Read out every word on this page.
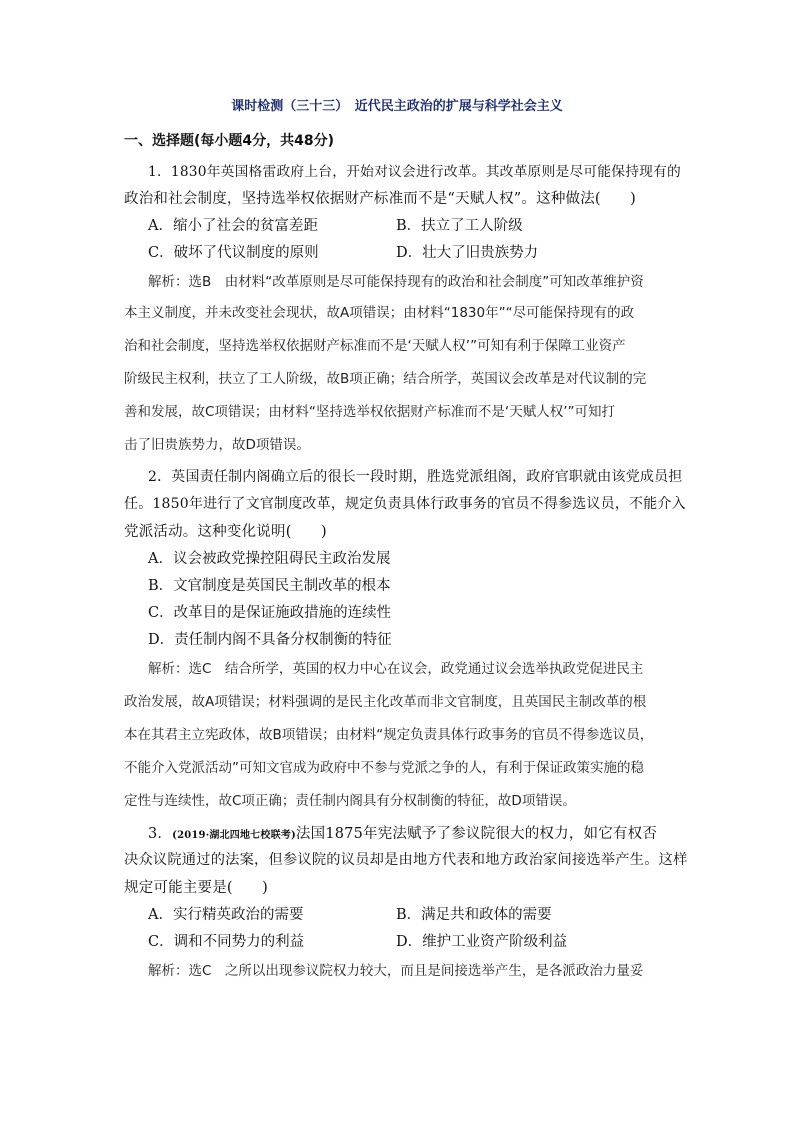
课时检测（三十三）　近代民主政治的扩展与科学社会主义
一、选择题(每小题4分，共48分)
1．1830年英国格雷政府上台，开始对议会进行改革。其改革原则是尽可能保持现有的
政治和社会制度，坚持选举权依据财产标准而不是“天赋人权”。这种做法(　　)
A．缩小了社会的贫富差距	B．扶立了工人阶级
C．破坏了代议制度的原则	D．壮大了旧贵族势力
解析：选B　由材料“改革原则是尽可能保持现有的政治和社会制度”可知改革维护资
本主义制度，并未改变社会现状，故A项错误；由材料“1830年”“尽可能保持现有的政
治和社会制度，坚持选举权依据财产标准而不是‘天赋人权’”可知有利于保障工业资产
阶级民主权利，扶立了工人阶级，故B项正确；结合所学，英国议会改革是对代议制的完
善和发展，故C项错误；由材料“坚持选举权依据财产标准而不是‘天赋人权’”可知打
击了旧贵族势力，故D项错误。
2．英国责任制内阁确立后的很长一段时期，胜选党派组阁，政府官职就由该党成员担
任。1850年进行了文官制度改革，规定负责具体行政事务的官员不得参选议员，不能介入
党派活动。这种变化说明(　　)
A．议会被政党操控阻碍民主政治发展
B．文官制度是英国民主制改革的根本
C．改革目的是保证施政措施的连续性
D．责任制内阁不具备分权制衡的特征
解析：选C　结合所学，英国的权力中心在议会，政党通过议会选举执政党促进民主
政治发展，故A项错误；材料强调的是民主化改革而非文官制度，且英国民主制改革的根
本在其君主立宪政体，故B项错误；由材料“规定负责具体行政事务的官员不得参选议员，
不能介入党派活动”可知文官成为政府中不参与党派之争的人，有利于保证政策实施的稳
定性与连续性，故C项正确；责任制内阁具有分权制衡的特征，故D项错误。
3．(2019·湖北四地七校联考)法国1875年宪法赋予了参议院很大的权力，如它有权否
决众议院通过的法案，但参议院的议员却是由地方代表和地方政治家间接选举产生。这样
规定可能主要是(　　)
A．实行精英政治的需要	B．满足共和政体的需要
C．调和不同势力的利益	D．维护工业资产阶级利益
解析：选C　之所以出现参议院权力较大，而且是间接选举产生，是各派政治力量妥
